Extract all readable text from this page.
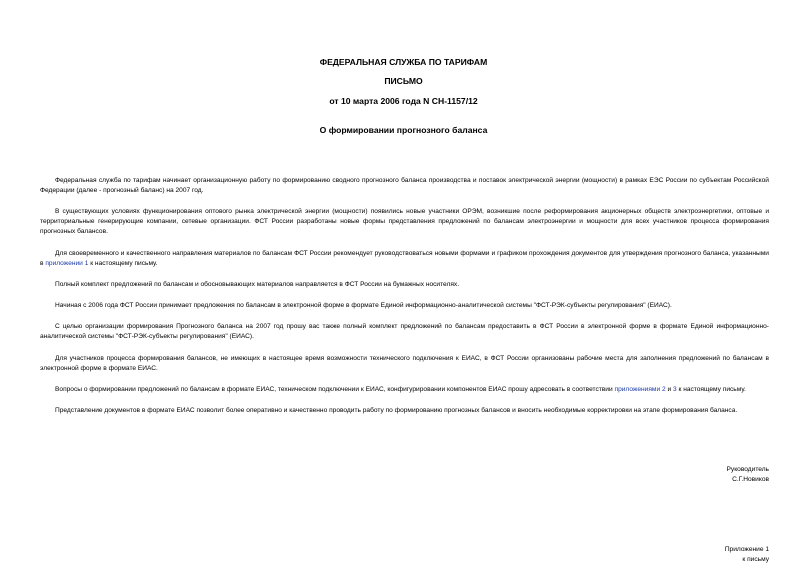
ФЕДЕРАЛЬНАЯ СЛУЖБА ПО ТАРИФАМ
ПИСЬМО
от 10 марта 2006 года N СН-1157/12
О формировании прогнозного баланса

Федеральная служба по тарифам начинает организационную работу по формированию сводного прогнозного баланса производства и поставок электрической энергии (мощности) в рамках ЕЭС России по субъектам Российской Федерации (далее - прогнозный баланс) на 2007 год.

В существующих условиях функционирования оптового рынка электрической энергии (мощности) появились новые участники ОРЭМ, возникшие после реформирования акционерных обществ электроэнергетики, оптовые и территориальные генерирующие компании, сетевые организации. ФСТ России разработаны новые формы представления предложений по балансам электроэнергии и мощности для всех участников процесса формирования прогнозных балансов.

Для своевременного и качественного направления материалов по балансам ФСТ России рекомендует руководствоваться новыми формами и графиком прохождения документов для утверждения прогнозного баланса, указанными в приложении 1 к настоящему письму.

Полный комплект предложений по балансам и обосновывающих материалов направляется в ФСТ России на бумажных носителях.

Начиная с 2006 года ФСТ России принимает предложения по балансам в электронной форме в формате Единой информационно-аналитической системы "ФСТ-РЭК-субъекты регулирования" (ЕИАС).

С целью организации формирования Прогнозного баланса на 2007 год прошу вас также полный комплект предложений по балансам предоставить в ФСТ России в электронной форме в формате Единой информационно-аналитической системы "ФСТ-РЭК-субъекты регулирования" (ЕИАС).

Для участников процесса формирования балансов, не имеющих в настоящее время возможности технического подключения к ЕИАС, в ФСТ России организованы рабочие места для заполнения предложений по балансам в электронной форме в формате ЕИАС.

Вопросы о формировании предложений по балансам в формате ЕИАС, техническом подключении к ЕИАС, конфигурировании компонентов ЕИАС прошу адресовать в соответствии приложениями 2 и 3 к настоящему письму.

Представление документов в формате ЕИАС позволит более оперативно и качественно проводить работу по формированию прогнозных балансов и вносить необходимые корректировки на этапе формирования баланса.

Руководитель
С.Г.Новиков
Приложение 1
к письму
